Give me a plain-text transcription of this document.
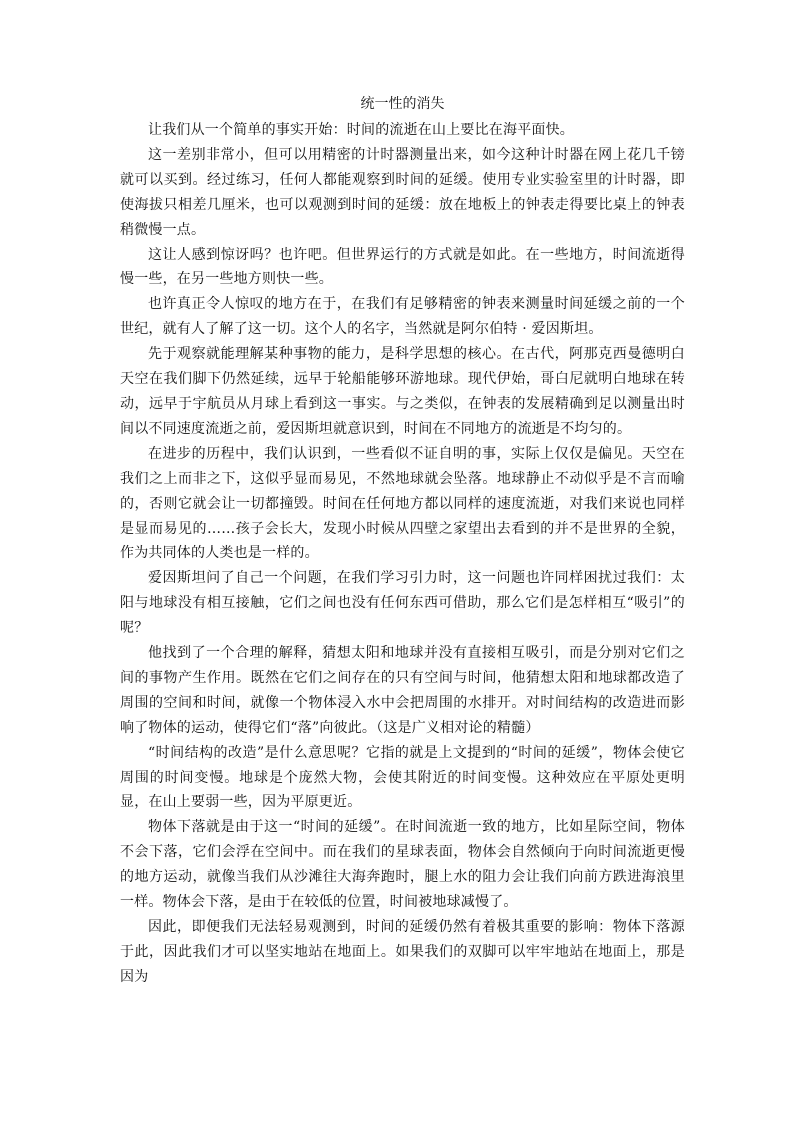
统一性的消失

让我们从一个简单的事实开始：时间的流逝在山上要比在海平面快。

这一差别非常小，但可以用精密的计时器测量出来，如今这种计时器在网上花几千镑就可以买到。经过练习，任何人都能观察到时间的延缓。使用专业实验室里的计时器，即使海拔只相差几厘米，也可以观测到时间的延缓：放在地板上的钟表走得要比桌上的钟表稍微慢一点。

这让人感到惊讶吗？也许吧。但世界运行的方式就是如此。在一些地方，时间流逝得慢一些，在另一些地方则快一些。

也许真正令人惊叹的地方在于，在我们有足够精密的钟表来测量时间延缓之前的一个世纪，就有人了解了这一切。这个人的名字，当然就是阿尔伯特 · 爱因斯坦。

先于观察就能理解某种事物的能力，是科学思想的核心。在古代，阿那克西曼德明白天空在我们脚下仍然延续，远早于轮船能够环游地球。现代伊始，哥白尼就明白地球在转动，远早于宇航员从月球上看到这一事实。与之类似，在钟表的发展精确到足以测量出时间以不同速度流逝之前，爱因斯坦就意识到，时间在不同地方的流逝是不均匀的。

在进步的历程中，我们认识到，一些看似不证自明的事，实际上仅仅是偏见。天空在我们之上而非之下，这似乎显而易见，不然地球就会坠落。地球静止不动似乎是不言而喻的，否则它就会让一切都撞毁。时间在任何地方都以同样的速度流逝，对我们来说也同样是显而易见的……孩子会长大，发现小时候从四壁之家望出去看到的并不是世界的全貌，作为共同体的人类也是一样的。

爱因斯坦问了自己一个问题，在我们学习引力时，这一问题也许同样困扰过我们：太阳与地球没有相互接触，它们之间也没有任何东西可借助，那么它们是怎样相互“吸引”的呢？

他找到了一个合理的解释，猜想太阳和地球并没有直接相互吸引，而是分别对它们之间的事物产生作用。既然在它们之间存在的只有空间与时间，他猜想太阳和地球都改造了周围的空间和时间，就像一个物体浸入水中会把周围的水排开。对时间结构的改造进而影响了物体的运动，使得它们“落”向彼此。（这是广义相对论的精髓）

“时间结构的改造”是什么意思呢？它指的就是上文提到的“时间的延缓”，物体会使它周围的时间变慢。地球是个庞然大物，会使其附近的时间变慢。这种效应在平原处更明显，在山上要弱一些，因为平原更近。

物体下落就是由于这一“时间的延缓”。在时间流逝一致的地方，比如星际空间，物体不会下落，它们会浮在空间中。而在我们的星球表面，物体会自然倾向于向时间流逝更慢的地方运动，就像当我们从沙滩往大海奔跑时，腿上水的阻力会让我们向前方跌进海浪里一样。物体会下落，是由于在较低的位置，时间被地球减慢了。

因此，即便我们无法轻易观测到，时间的延缓仍然有着极其重要的影响：物体下落源于此，因此我们才可以坚实地站在地面上。如果我们的双脚可以牢牢地站在地面上，那是因为
